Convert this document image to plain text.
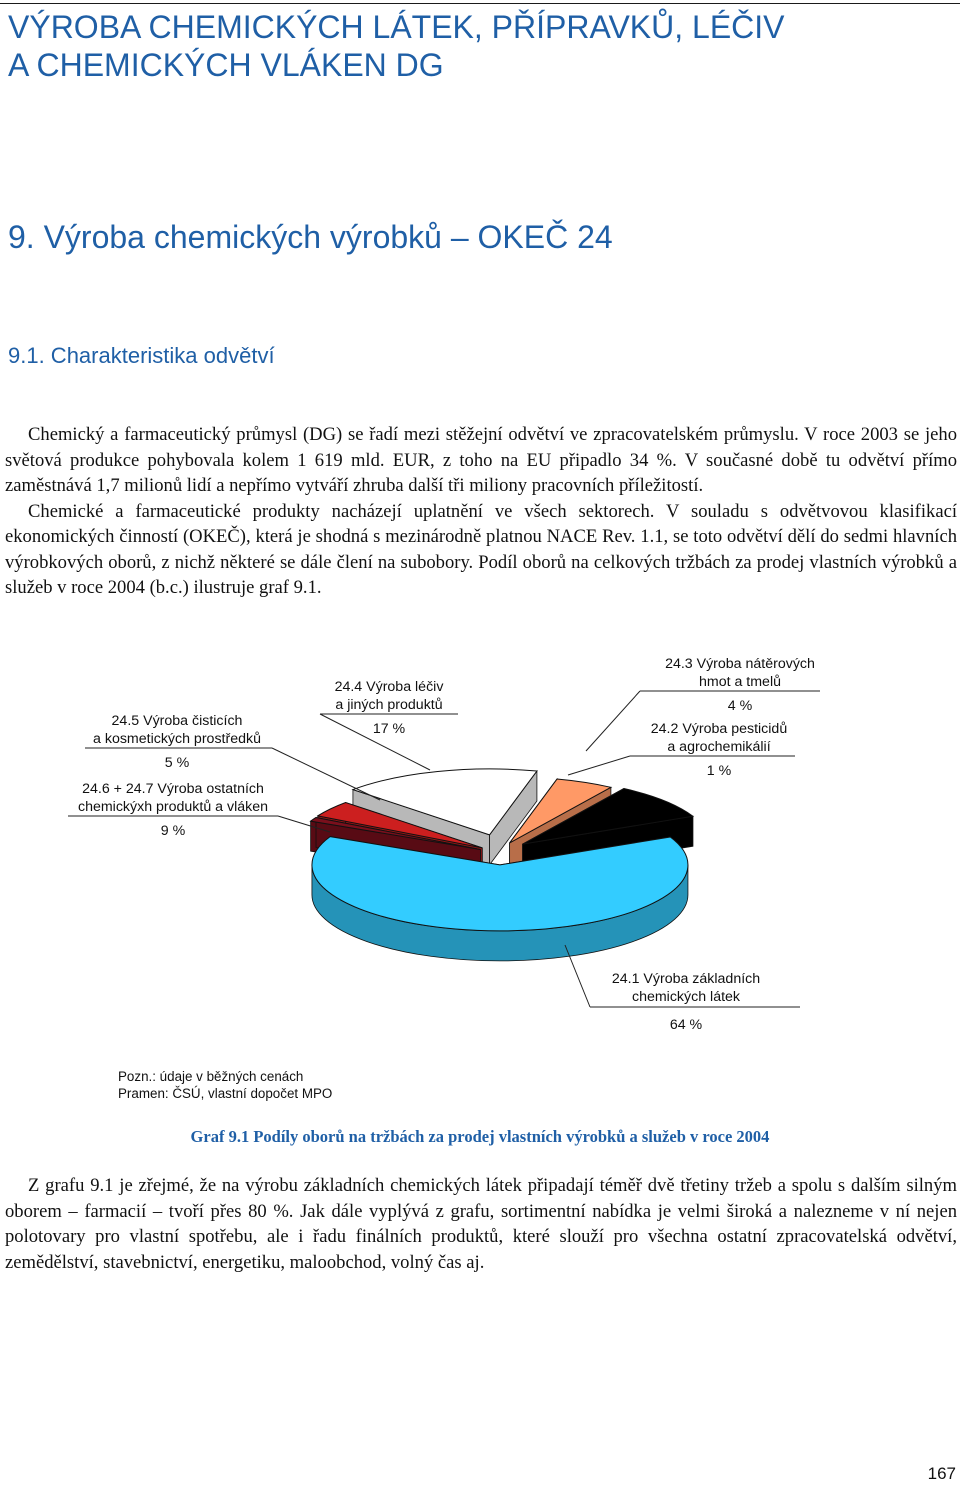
VÝROBA CHEMICKÝCH LÁTEK, PŘÍPRAVKŮ, LÉČIV
A CHEMICKÝCH VLÁKEN DG
9. Výroba chemických výrobků – OKEČ 24
9.1. Charakteristika odvětví

Chemický a farmaceutický průmysl (DG) se řadí mezi stěžejní odvětví ve zpracovatelském průmyslu. V roce 2003 se jeho světová produkce pohybovala kolem 1 619 mld. EUR, z toho na EU připadlo 34 %. V současné době tu odvětví přímo zaměstnává 1,7 milionů lidí a nepřímo vytváří zhruba další tři miliony pracovních příležitostí.

Chemické a farmaceutické produkty nacházejí uplatnění ve všech sektorech. V souladu s odvětvovou klasifikací ekonomických činností (OKEČ), která je shodná s mezinárodně platnou NACE Rev. 1.1, se toto odvětví dělí do sedmi hlavních výrobkových oborů, z nichž některé se dále člení na subobory. Podíl oborů na celkových tržbách za prodej vlastních výrobků a služeb v roce 2004 (b.c.) ilustruje graf 9.1.

24.1 Výroba základních
chemických látek
64 %
24.2 Výroba pesticidů
a agrochemikálií
1 %
24.3 Výroba nátěrových
hmot a tmelů
4 %
24.4 Výroba léčiv
a jiných produktů
17 %
24.5 Výroba čisticích
a kosmetických prostředků
5 %
24.6 + 24.7 Výroba ostatních
chemickýxh produktů a vláken
9 %
Pozn.: údaje v běžných cenách
Pramen: ČSÚ, vlastní dopočet MPO
Graf 9.1 Podíly oborů na tržbách za prodej vlastních výrobků a služeb v roce 2004

Z grafu 9.1 je zřejmé, že na výrobu základních chemických látek připadají téměř dvě třetiny tržeb a spolu s dalším silným oborem – farmacií – tvoří přes 80 %. Jak dále vyplývá z grafu, sortimentní nabídka je velmi široká a nalezneme v ní nejen polotovary pro vlastní spotřebu, ale i řadu finálních produktů, které slouží pro všechna ostatní zpracovatelská odvětví, zemědělství, stavebnictví, energetiku, maloobchod, volný čas aj.

167
